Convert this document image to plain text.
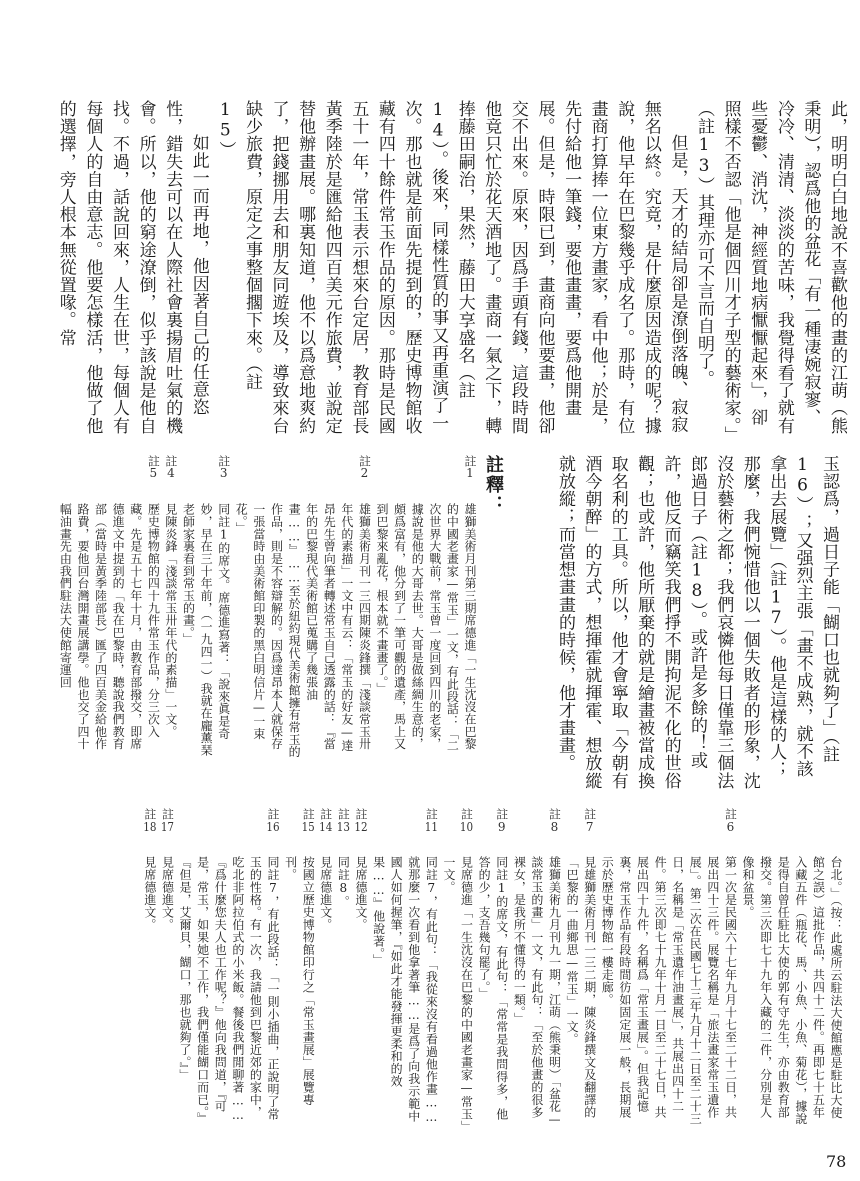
此，明明白白地說不喜歡他的畫的江萌（熊秉明），認爲他的盆花「有一種凄婉寂寥、冷冷、清清、淡淡的苦味，我覺得看了就有些憂鬱、消沈，神經質地病懨懨起來」，卻照樣不否認「他是個四川才子型的藝術家。」（註13）其理亦可不言而自明了。

但是，天才的結局卻是潦倒落魄、寂寂無名以終。究竟，是什麼原因造成的呢？據說，他早年在巴黎幾乎成名了。那時，有位畫商打算捧一位東方畫家，看中他；於是，先付給他一筆錢，要他畫畫，要爲他開畫展。但是，時限已到，畫商向他要畫，他卻交不出來。原來，因爲手頭有錢，這段時間他竟只忙於花天酒地了。畫商一氣之下，轉捧藤田嗣治，果然，藤田大享盛名（註14）。後來，同樣性質的事又再重演了一次。那也就是前面先提到的，歷史博物館收藏有四十餘件常玉作品的原因。那時是民國五十一年，常玉表示想來台定居，教育部長黃季陸於是匯給他四百美元作旅費，並說定替他辦畫展。哪裏知道，他不以爲意地爽約了，把錢挪用去和朋友同遊埃及，導致來台缺少旅費，原定之事整個擱下來。（註15）

如此一而再地，他因著自己的任意恣性，錯失去可以在人際社會裏揚眉吐氣的機會。所以，他的窮途潦倒，似乎該說是他自找。不過，話說回來，人生在世，每個人有每個人的自由意志。他要怎樣活，他做了他的選擇，旁人根本無從置喙。常

玉認爲，過日子能「餬口也就夠了」（註16）；又强烈主張「畫不成熟，就不該拿出去展覽」（註17）。他是這樣的人；那麼，我們惋惜他以一個失敗者的形象，沈沒於藝術之都；我們哀憐他每日僅靠三個法郎過日子（註18）。或許是多餘的！或許，他反而竊笑我們掙不開拘泥不化的世俗觀；也或許，他所厭棄的就是繪畫被當成換取名利的工具。所以，他才會寧取「今朝有酒今朝醉」的方式，想揮霍就揮霍、想放縱就放縱；而當想畫畫的時候，他才畫畫。

註釋：
註1
雄獅美術月刊第三期席德進「一生沈沒在巴黎的中國老畫家—常玉」一文，有此段話：「二次世界大戰前，常玉曾一度回到四川的老家，據說是他的大哥去世。大哥是做絲綢生意的，頗爲富有，他分到了一筆可觀的遺產，馬上又到巴黎來亂花，根本就不畫畫了。」
註2
雄獅美術月刊一三四期陳炎鋒撰「淺談常玉卅年代的素描」一文中有云：「常玉的好友—達昂先生曾向筆者轉述常玉自己透露的話：『當年的巴黎現代美術館已蒐購了幾張油畫……』……至於紐約現代美術館擁有常玉的作品，則是不容辯解的。因爲達昂本人就保存一張當時由美術館印製的黑白明信片—一束花。」
註3
同註1的席文。席德進寫著：「說來眞是奇妙，早在三十年前，（一九四一）我就在龐薰琹老師家裏看到常玉的畫。」
註4
見陳炎鋒「淺談常玉卅年代的素描」一文。
註5
歷史博物館的四十九件常玉作品，分三次入藏。先是五十七年十月，由教育部撥交，即席德進文中提到的「我在巴黎時，聽說我們教育部（當時是黃季陸部長）匯了四百美金給他作路費，要他回台灣開畫展講學。他也交了四十幅油畫先由我們駐法大使館寄運回
台北。」（按：此處所云駐法大使館應是駐比大使館之誤）這批作品，共四十二件。再即七十五年入藏五件（瓶花、馬、小魚、小魚、菊花），據說是得自曾任駐比大使的郭有守先生，亦由教育部撥交。第三次即七十九年入藏的二件，分別是人像和盆景。
註6
第一次是民國六十七年九月十七至二十二日，共展出四十三件。展覽名稱是「旅法畫家常玉遺作展」。第二次在民國七十三年九月十二日至二十三日，名稱是「常玉遺作油畫展」，共展出四十二件。第三次即七十九年十月一日至二十七日，共展出四十九件，名稱爲「常玉畫展」。但我記憶裏，常玉作品有段時間彷如固定展一般，長期展示於歷史博物館一樓走廊。
註7
見雄獅美術月刊一三二期，陳炎鋒撰文及翻譯的「巴黎的一曲鄉思—常玉」一文。
註8
雄獅美術九月刊九一期，江萌（熊秉明）「盆花—談常玉的畫」一文，有此句：「至於他畫的很多裸女，是我所不懂得的一類。」
註9
同註1的席文，有此句：「常常是我問得多，他答的少，支吾幾句罷了。」
註10
見席德進「一生沈沒在巴黎的中國老畫家—常玉」一文。
註11
同註7，有此句：「我從來沒有看過他作畫……就那麼一次看到他拿著筆……是爲了向我示範中國人如何握筆，『如此才能發揮更柔和的效果……』他說著。」
註12
見席德進文。
註13
同註8。
註14
見席德進文。
註15
按國立歷史博物館印行之「常玉畫展」展覽專刊。
註16
同註7，有此段話：「一則小插曲，正說明了常玉的性格。有一次，我請他到巴黎近郊的家中，吃北非阿拉伯式的小米飯。餐後我們閒聊著……『爲什麼您夫人也工作呢？』他向我問道，『可是，常玉，如果她不工作，我們僅能餬口而已。』『但是，艾爾貝，餬口，那也就夠了。』」
註17
見席德進文。
註18
見席德進文。
78
